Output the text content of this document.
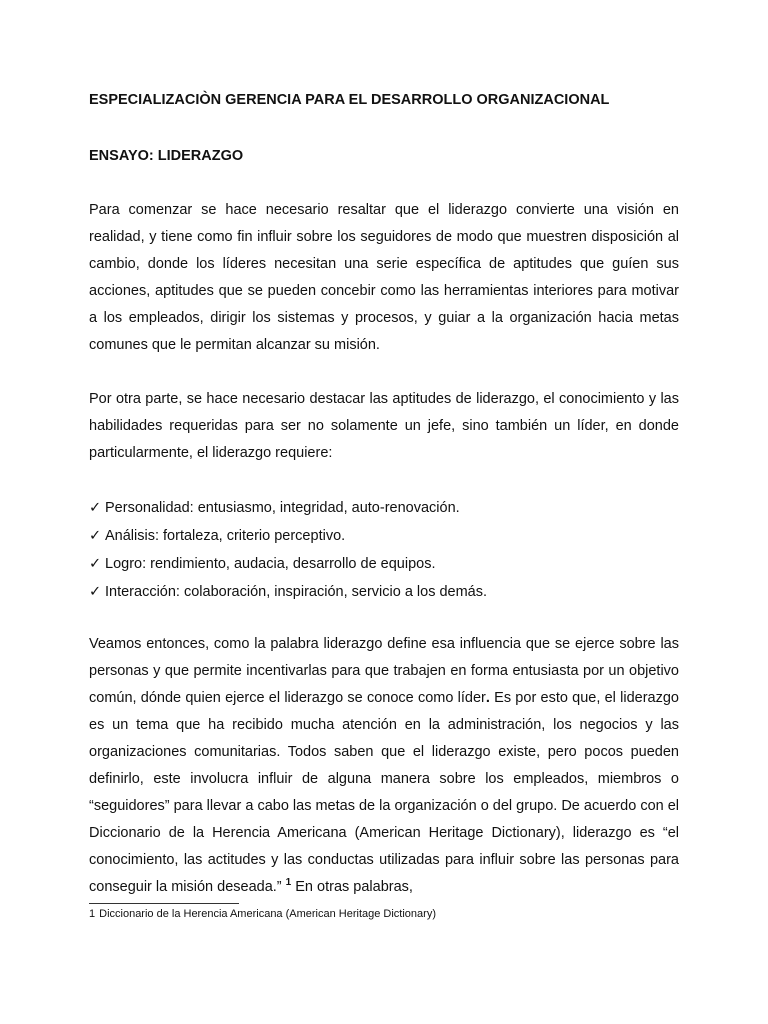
ESPECIALIZACIÒN GERENCIA PARA EL DESARROLLO ORGANIZACIONAL
ENSAYO: LIDERAZGO

Para comenzar se hace necesario resaltar que el liderazgo convierte una visión en realidad, y tiene como fin influir sobre los seguidores de modo que muestren disposición al cambio, donde los líderes necesitan una serie específica de aptitudes que guíen sus acciones, aptitudes que se pueden concebir como las herramientas interiores para motivar a los empleados, dirigir los sistemas y procesos, y guiar a la organización hacia metas comunes que le permitan alcanzar su misión.

Por otra parte, se hace necesario destacar las aptitudes de liderazgo, el conocimiento y las habilidades requeridas para ser no solamente un jefe, sino también un líder, en donde particularmente, el liderazgo requiere:

✓ Personalidad: entusiasmo, integridad, auto-renovación.
✓ Análisis: fortaleza, criterio perceptivo.
✓ Logro: rendimiento, audacia, desarrollo de equipos.
✓ Interacción: colaboración, inspiración, servicio a los demás.

Veamos entonces, como la palabra liderazgo define esa influencia que se ejerce sobre las personas y que permite incentivarlas para que trabajen en forma entusiasta por un objetivo común, dónde quien ejerce el liderazgo se conoce como líder. Es por esto que, el liderazgo es un tema que ha recibido mucha atención en la administración, los negocios y las organizaciones comunitarias. Todos saben que el liderazgo existe, pero pocos pueden definirlo, este involucra influir de alguna manera sobre los empleados, miembros o “seguidores” para llevar a cabo las metas de la organización o del grupo. De acuerdo con el Diccionario de la Herencia Americana (American Heritage Dictionary), liderazgo es “el conocimiento, las actitudes y las conductas utilizadas para influir sobre las personas para conseguir la misión deseada.” $^1$ En otras palabras,

1 Diccionario de la Herencia Americana (American Heritage Dictionary)
